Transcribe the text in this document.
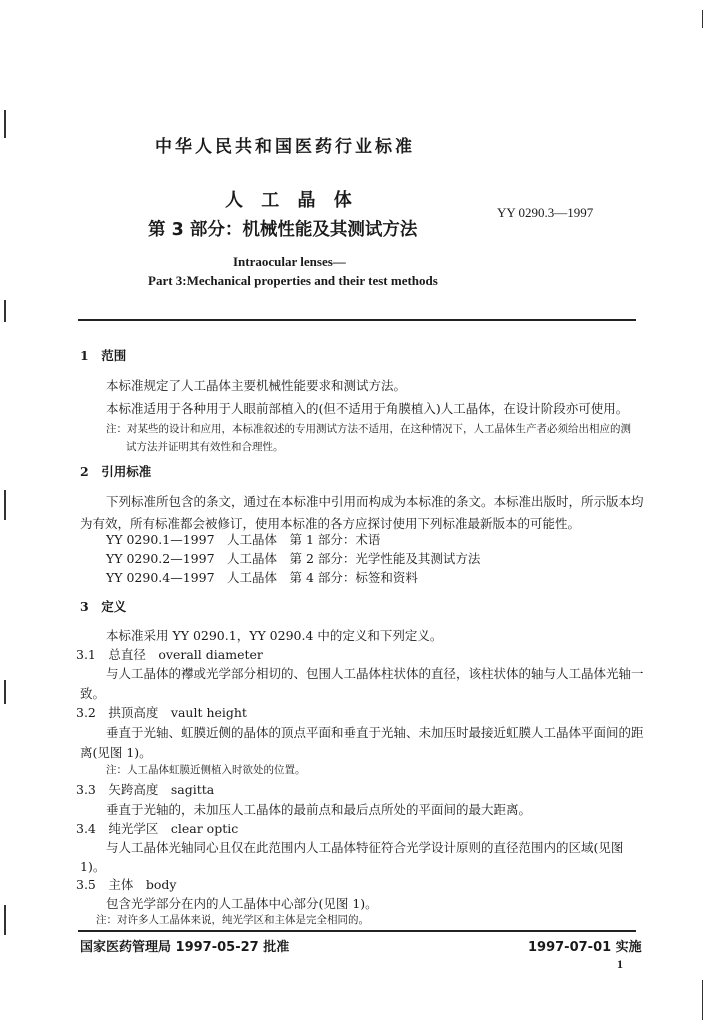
中华人民共和国医药行业标准
人 工 晶 体
第 3 部分：机械性能及其测试方法
YY 0290.3—1997
Intraocular lenses—
Part 3:Mechanical properties and their test methods
1　范围
本标准规定了人工晶体主要机械性能要求和测试方法。
本标准适用于各种用于人眼前部植入的(但不适用于角膜植入)人工晶体，在设计阶段亦可使用。
注：对某些的设计和应用，本标准叙述的专用测试方法不适用，在这种情况下，人工晶体生产者必须给出相应的测
试方法并证明其有效性和合理性。
2　引用标准
下列标准所包含的条文，通过在本标准中引用而构成为本标准的条文。本标准出版时，所示版本均
为有效，所有标准都会被修订，使用本标准的各方应探讨使用下列标准最新版本的可能性。
YY 0290.1—1997　人工晶体　第 1 部分：术语
YY 0290.2—1997　人工晶体　第 2 部分：光学性能及其测试方法
YY 0290.4—1997　人工晶体　第 4 部分：标签和资料
3　定义
本标准采用 YY 0290.1，YY 0290.4 中的定义和下列定义。
3.1　总直径　overall diameter
与人工晶体的襻或光学部分相切的、包围人工晶体柱状体的直径，该柱状体的轴与人工晶体光轴一
致。
3.2　拱顶高度　vault height
垂直于光轴、虹膜近侧的晶体的顶点平面和垂直于光轴、未加压时最接近虹膜人工晶体平面间的距
离(见图 1)。
注：人工晶体虹膜近侧植入时欲处的位置。
3.3　矢跨高度　sagitta
垂直于光轴的，未加压人工晶体的最前点和最后点所处的平面间的最大距离。
3.4　纯光学区　clear optic
与人工晶体光轴同心且仅在此范围内人工晶体特征符合光学设计原则的直径范围内的区域(见图
1)。
3.5　主体　body
包含光学部分在内的人工晶体中心部分(见图 1)。
注：对许多人工晶体来说，纯光学区和主体是完全相同的。
国家医药管理局 1997-05-27 批准	1997-07-01 实施
1
